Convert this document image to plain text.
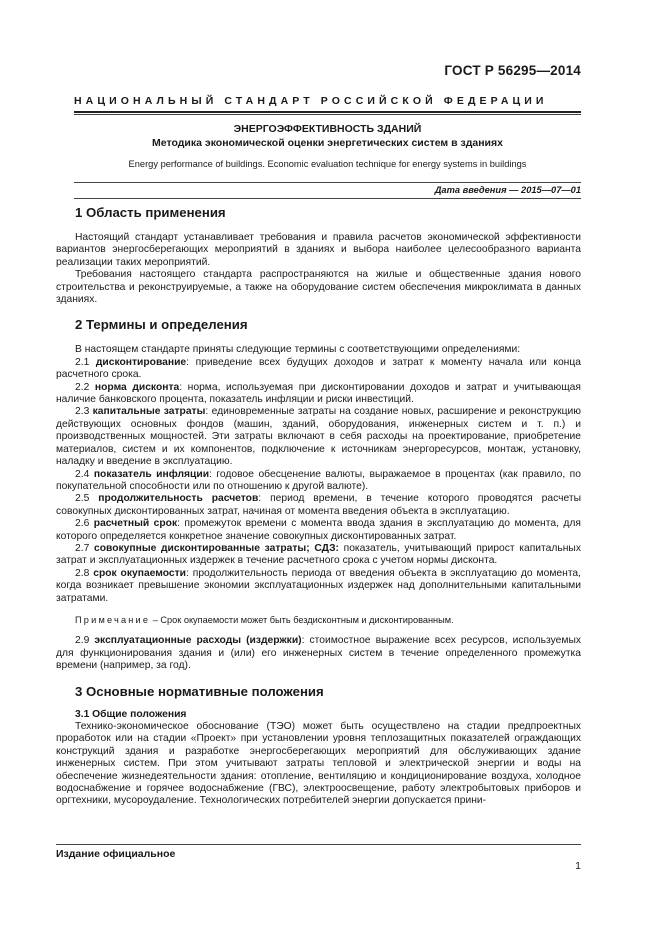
ГОСТ Р 56295—2014
НАЦИОНАЛЬНЫЙ СТАНДАРТ РОССИЙСКОЙ ФЕДЕРАЦИИ
ЭНЕРГОЭФФЕКТИВНОСТЬ ЗДАНИЙ
Методика экономической оценки энергетических систем в зданиях
Energy performance of buildings. Economic evaluation technique for energy systems in buildings
Дата введения — 2015—07—01
1 Область применения

Настоящий стандарт устанавливает требования и правила расчетов экономической эффективности вариантов энергосберегающих мероприятий в зданиях и выбора наиболее целесообразного варианта реализации таких мероприятий.

Требования настоящего стандарта распространяются на жилые и общественные здания нового строительства и реконструируемые, а также на оборудование систем обеспечения микроклимата в данных зданиях.

2 Термины и определения

В настоящем стандарте приняты следующие термины с соответствующими определениями:

2.1 дисконтирование: приведение всех будущих доходов и затрат к моменту начала или конца расчетного срока.

2.2 норма дисконта: норма, используемая при дисконтировании доходов и затрат и учитывающая наличие банковского процента, показатель инфляции и риски инвестиций.

2.3 капитальные затраты: единовременные затраты на создание новых, расширение и реконструкцию действующих основных фондов (машин, зданий, оборудования, инженерных систем и т. п.) и производственных мощностей. Эти затраты включают в себя расходы на проектирование, приобретение материалов, систем и их компонентов, подключение к источникам энергоресурсов, монтаж, установку, наладку и введение в эксплуатацию.

2.4 показатель инфляции: годовое обесценение валюты, выражаемое в процентах (как правило, по покупательной способности или по отношению к другой валюте).

2.5 продолжительность расчетов: период времени, в течение которого проводятся расчеты совокупных дисконтированных затрат, начиная от момента введения объекта в эксплуатацию.

2.6 расчетный срок: промежуток времени с момента ввода здания в эксплуатацию до момента, для которого определяется конкретное значение совокупных дисконтированных затрат.

2.7 совокупные дисконтированные затраты; СДЗ: показатель, учитывающий прирост капитальных затрат и эксплуатационных издержек в течение расчетного срока с учетом нормы дисконта.

2.8 срок окупаемости: продолжительность периода от введения объекта в эксплуатацию до момента, когда возникает превышение экономии эксплуатационных издержек над дополнительными капитальными затратами.

Примечание – Срок окупаемости может быть бездисконтным и дисконтированным.

2.9 эксплуатационные расходы (издержки): стоимостное выражение всех ресурсов, используемых для функционирования здания и (или) его инженерных систем в течение определенного промежутка времени (например, за год).

3 Основные нормативные положения
3.1 Общие положения

Технико-экономическое обоснование (ТЭО) может быть осуществлено на стадии предпроектных проработок или на стадии «Проект» при установлении уровня теплозащитных показателей ограждающих конструкций здания и разработке энергосберегающих мероприятий для обслуживающих здание инженерных систем. При этом учитывают затраты тепловой и электрической энергии и воды на обеспечение жизнедеятельности здания: отопление, вентиляцию и кондиционирование воздуха, холодное водоснабжение и горячее водоснабжение (ГВС), электроосвещение, работу электробытовых приборов и оргтехники, мусороудаление. Технологических потребителей энергии допускается прини-

Издание официальное
1
